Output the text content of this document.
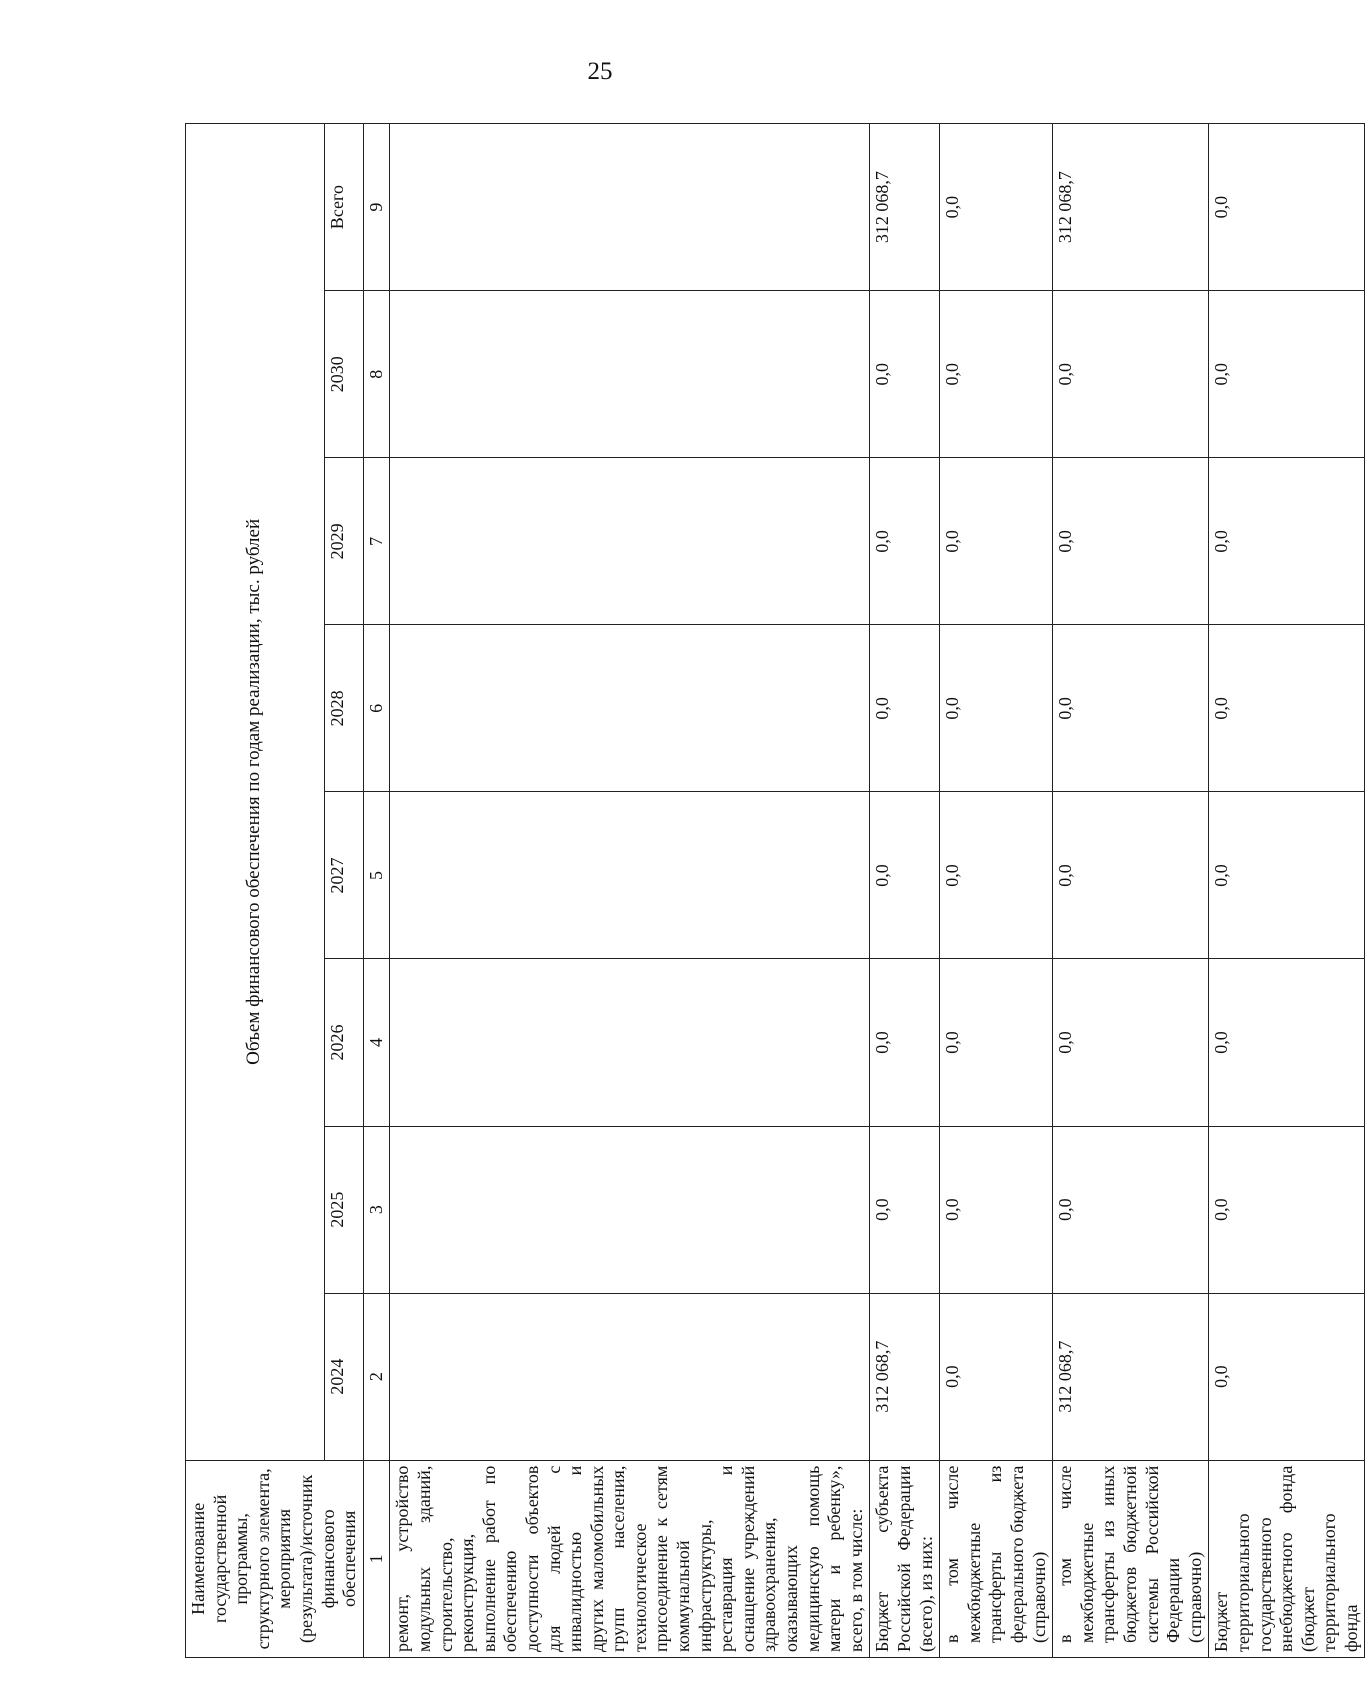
25
Наименование государственной программы, структурного элемента, мероприятия (результата)/источник финансового обеспечения	Объем финансового обеспечения по годам реализации, тыс. рублей							
	2024	2025	2026	2027	2028	2029	2030	Всего
1	2	3	4	5	6	7	8	9
ремонт, устройство модульных зданий, строительство, реконструкция, выполнение работ по обеспечению доступности объектов для людей с инвалидностью и других маломобильных групп населения, технологическое присоединение к сетям коммунальной инфраструктуры, реставрация и оснащение учреждений здравоохранения, оказывающих медицинскую помощь матери и ребенку», всего, в том числе:								
Бюджет субъекта Российской Федерации (всего), из них:	312 068,7	0,0	0,0	0,0	0,0	0,0	0,0	312 068,7
в том числе межбюджетные трансферты из федерального бюджета (справочно)	0,0	0,0	0,0	0,0	0,0	0,0	0,0	0,0
в том числе межбюджетные трансферты из иных бюджетов бюджетной системы Российской Федерации (справочно)	312 068,7	0,0	0,0	0,0	0,0	0,0	0,0	312 068,7
Бюджет территориального государственного внебюджетного фонда (бюджет территориального фонда	0,0	0,0	0,0	0,0	0,0	0,0	0,0	0,0
